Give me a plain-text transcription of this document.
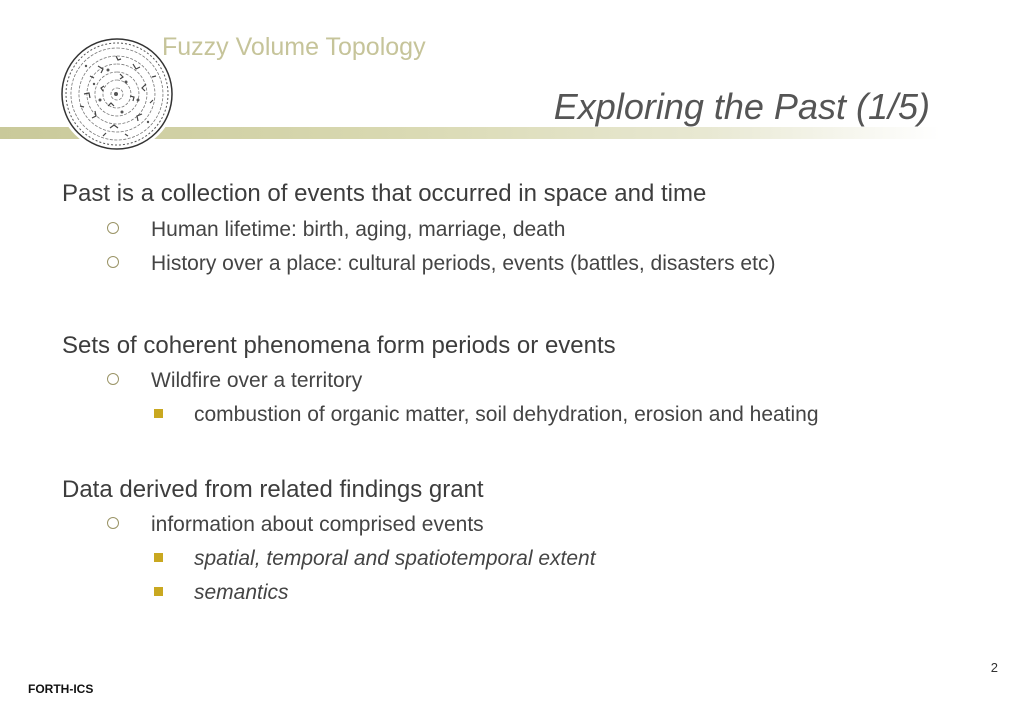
Fuzzy Volume Topology
Exploring the Past (1/5)
Past is a collection of events that occurred in space and time
Human lifetime: birth, aging, marriage, death
History over a place: cultural periods, events (battles, disasters etc)
Sets of coherent phenomena form periods or events
Wildfire over a territory
combustion of organic matter, soil dehydration, erosion and heating
Data derived from related findings grant
information about comprised events
spatial, temporal and spatiotemporal extent
semantics
2
FORTH-ICS
